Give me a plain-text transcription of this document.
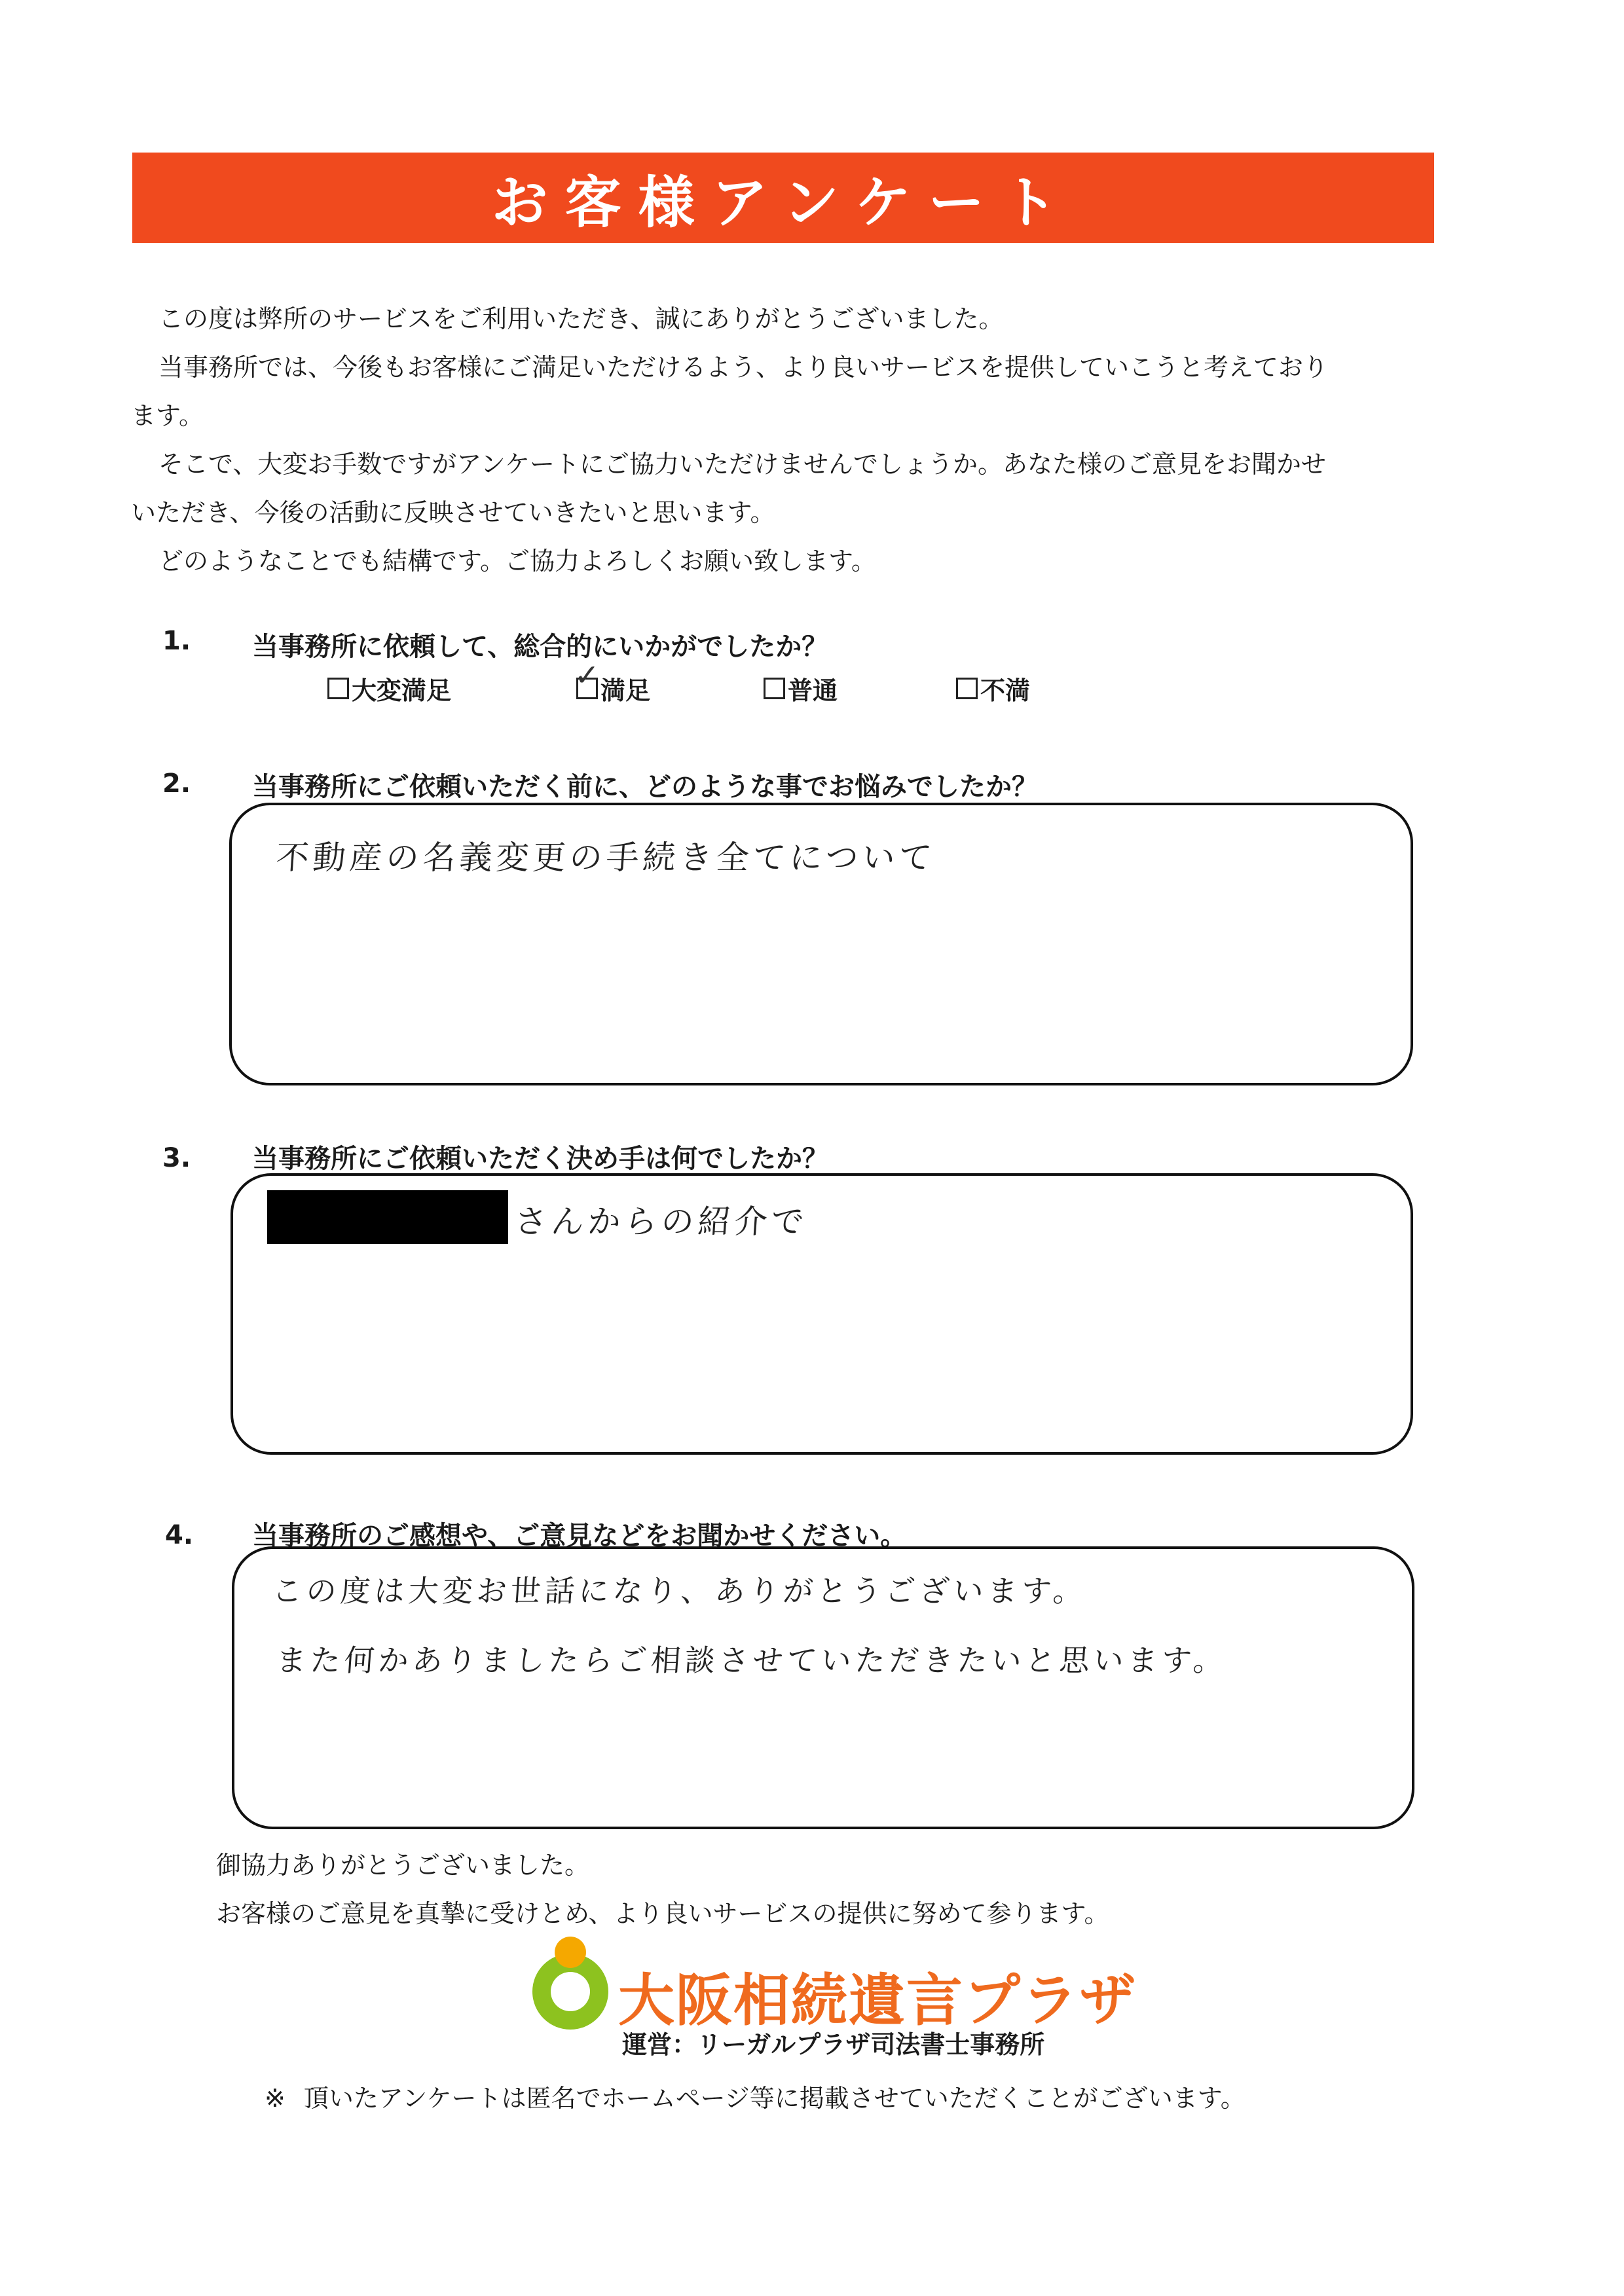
お客様アンケート

この度は弊所のサービスをご利用いただき、誠にありがとうございました。

当事務所では、今後もお客様にご満足いただけるよう、より良いサービスを提供していこうと考えており

ます。

そこで、大変お手数ですがアンケートにご協力いただけませんでしょうか。あなた様のご意見をお聞かせ

いただき、今後の活動に反映させていきたいと思います。

どのようなことでも結構です。ご協力よろしくお願い致します。

1.	当事務所に依頼して、総合的にいかがでしたか？
大変満足	✓ 満足	普通	不満
2.	当事務所にご依頼いただく前に、どのような事でお悩みでしたか？
不動産の名義変更の手続き全てについて
3.	当事務所にご依頼いただく決め手は何でしたか？
さんからの紹介で
4.	当事務所のご感想や、ご意見などをお聞かせください。
この度は大変お世話になり、ありがとうございます。
また何かありましたらご相談させていただきたいと思います。
御協力ありがとうございました。
お客様のご意見を真摯に受けとめ、より良いサービスの提供に努めて参ります。
大阪相続遺言プラザ
運営：リーガルプラザ司法書士事務所
※ 頂いたアンケートは匿名でホームページ等に掲載させていただくことがございます。
